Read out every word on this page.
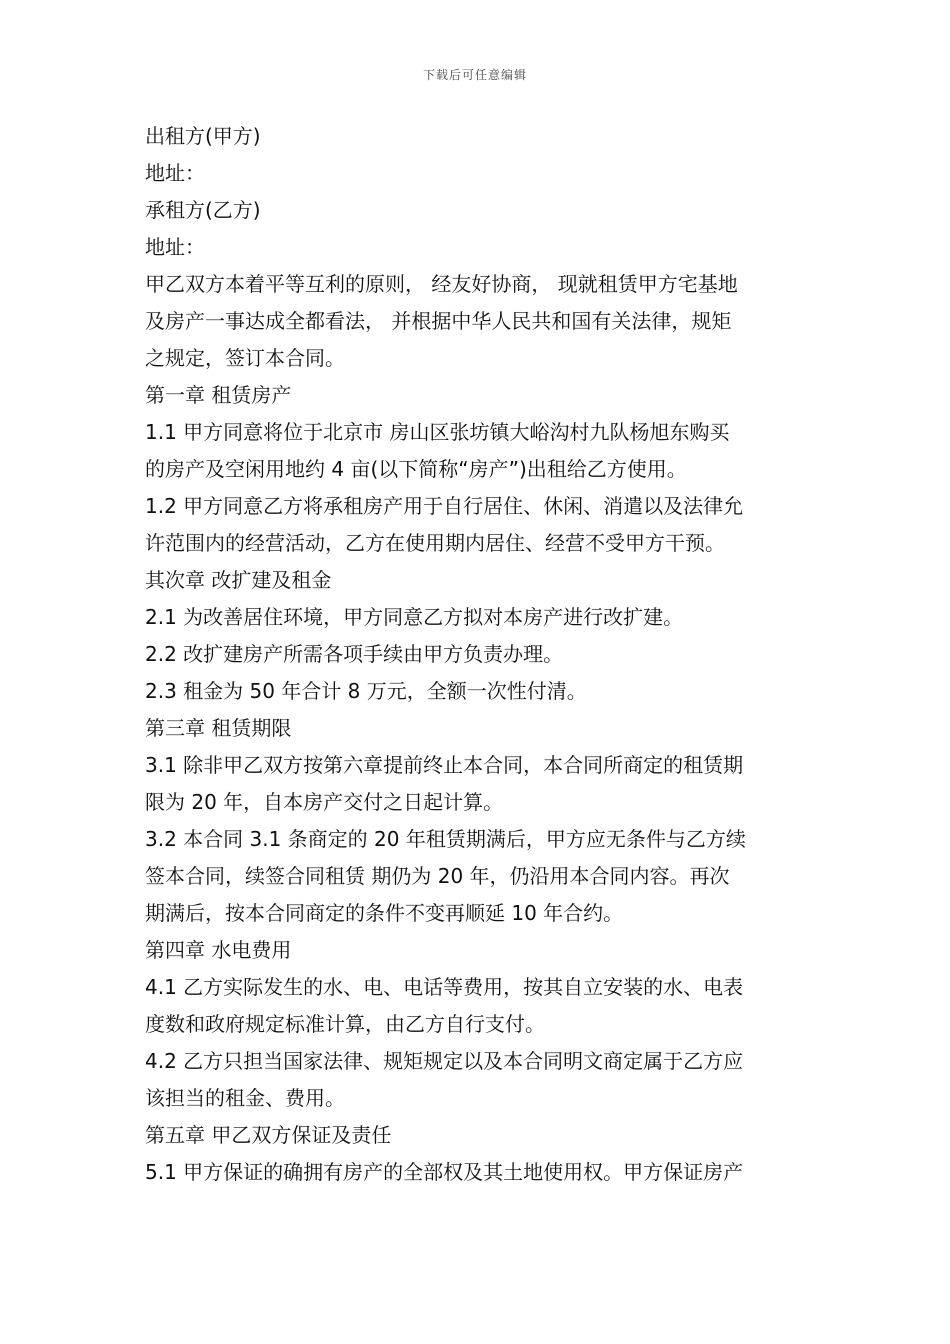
下载后可任意编辑
出租方(甲方)
地址：
承租方(乙方)
地址：
甲乙双方本着平等互利的原则， 经友好协商， 现就租赁甲方宅基地
及房产一事达成全都看法， 并根据中华人民共和国有关法律，规矩
之规定，签订本合同。
第一章 租赁房产
1.1 甲方同意将位于北京市 房山区张坊镇大峪沟村九队杨旭东购买
的房产及空闲用地约 4 亩(以下简称“房产”)出租给乙方使用。
1.2 甲方同意乙方将承租房产用于自行居住、休闲、消遣以及法律允
许范围内的经营活动，乙方在使用期内居住、经营不受甲方干预。
其次章 改扩建及租金
2.1 为改善居住环境，甲方同意乙方拟对本房产进行改扩建。
2.2 改扩建房产所需各项手续由甲方负责办理。
2.3 租金为 50 年合计 8 万元，全额一次性付清。
第三章 租赁期限
3.1 除非甲乙双方按第六章提前终止本合同，本合同所商定的租赁期
限为 20 年，自本房产交付之日起计算。
3.2 本合同 3.1 条商定的 20 年租赁期满后，甲方应无条件与乙方续
签本合同，续签合同租赁 期仍为 20 年，仍沿用本合同内容。再次
期满后，按本合同商定的条件不变再顺延 10 年合约。
第四章 水电费用
4.1 乙方实际发生的水、电、电话等费用，按其自立安装的水、电表
度数和政府规定标准计算，由乙方自行支付。
4.2 乙方只担当国家法律、规矩规定以及本合同明文商定属于乙方应
该担当的租金、费用。
第五章 甲乙双方保证及责任
5.1 甲方保证的确拥有房产的全部权及其土地使用权。甲方保证房产
